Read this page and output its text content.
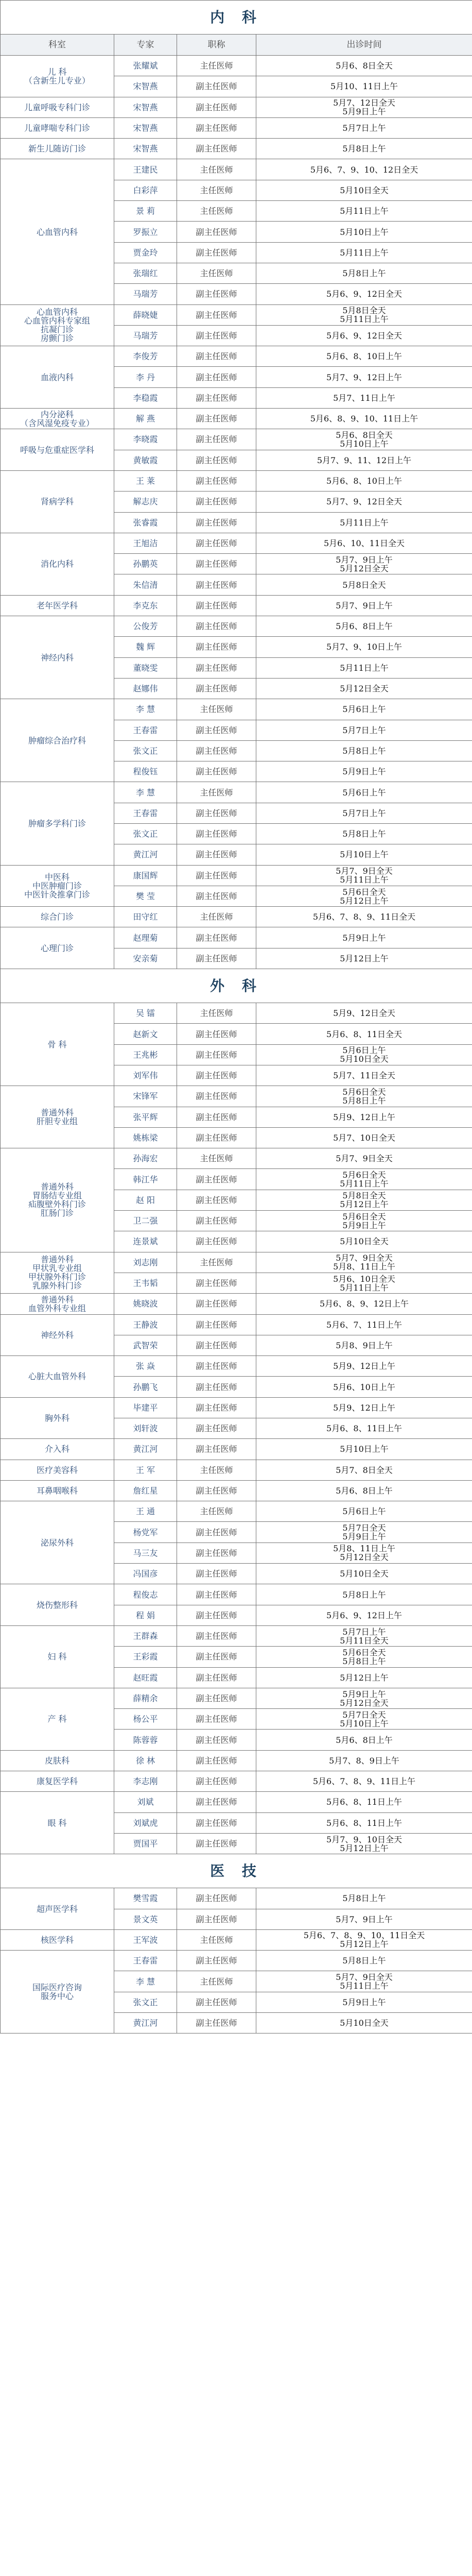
内 科			
科室	专家	职称	出诊时间
儿 科
（含新生儿专业）	张耀斌	主任医师	5月6、8日全天
	宋智燕	副主任医师	5月10、11日上午
儿童呼吸专科门诊	宋智燕	副主任医师	5月7、12日全天
5月9日上午
儿童哮喘专科门诊	宋智燕	副主任医师	5月7日上午
新生儿随访门诊	宋智燕	副主任医师	5月8日上午
心血管内科	王建民	主任医师	5月6、7、9、10、12日全天
	白彩萍	主任医师	5月10日全天
	景 莉	主任医师	5月11日上午
	罗振立	副主任医师	5月10日上午
	贾金玲	副主任医师	5月11日上午
	张瑞红	主任医师	5月8日上午
	马瑞芳	副主任医师	5月6、9、12日全天
心血管内科
心血管内科专家组
抗凝门诊
房颤门诊	薛晓婕	副主任医师	5月8日全天
5月11日上午
	马瑞芳	副主任医师	5月6、9、12日全天
血液内科	李俊芳	副主任医师	5月6、8、10日上午
	李 丹	副主任医师	5月7、9、12日上午
	李稳霞	副主任医师	5月7、11日上午
内分泌科
（含风湿免疫专业）	解 燕	副主任医师	5月6、8、9、10、11日上午
呼吸与危重症医学科	李晓霞	副主任医师	5月6、8日全天
5月10日上午
	黄敏霞	副主任医师	5月7、9、11、12日上午
肾病学科	王 莱	副主任医师	5月6、8、10日上午
	解志庆	副主任医师	5月7、9、12日全天
	张睿霞	副主任医师	5月11日上午
消化内科	王旭洁	副主任医师	5月6、10、11日全天
	孙鹏英	副主任医师	5月7、9日上午
5月12日全天
	朱信清	副主任医师	5月8日全天
老年医学科	李克东	副主任医师	5月7、9日上午
神经内科	公俊芳	副主任医师	5月6、8日上午
	魏 辉	副主任医师	5月7、9、10日上午
	董晓雯	副主任医师	5月11日上午
	赵娜伟	副主任医师	5月12日全天
肿瘤综合治疗科	李 慧	主任医师	5月6日上午
	王春雷	副主任医师	5月7日上午
	张文正	副主任医师	5月8日上午
	程俊钰	副主任医师	5月9日上午
肿瘤多学科门诊	李 慧	主任医师	5月6日上午
	王春雷	副主任医师	5月7日上午
	张文正	副主任医师	5月8日上午
	黄江河	副主任医师	5月10日上午
中医科
中医肿瘤门诊
中医针灸推拿门诊	康国辉	副主任医师	5月7、9日全天
5月11日上午
	樊 莹	副主任医师	5月6日全天
5月12日上午
综合门诊	田守红	主任医师	5月6、7、8、9、11日全天
心理门诊	赵理菊	副主任医师	5月9日上午
	安亲菊	副主任医师	5月12日上午
外 科			
骨 科	吴 镭	主任医师	5月9、12日全天
	赵新文	副主任医师	5月6、8、11日全天
	王兆彬	副主任医师	5月6日上午
5月10日全天
	刘军伟	副主任医师	5月7、11日全天
普通外科
肝胆专业组	宋锋军	副主任医师	5月6日全天
5月8日上午
	张平辉	副主任医师	5月9、12日上午
	姚栋梁	副主任医师	5月7、10日全天
普通外科
胃肠结专业组
疝腹壁外科门诊
肛肠门诊	孙海宏	主任医师	5月7、9日全天
	韩江华	副主任医师	5月6日全天
5月11日上午
	赵 阳	副主任医师	5月8日全天
5月12日上午
	卫二强	副主任医师	5月6日全天
5月9日上午
	连景斌	副主任医师	5月10日全天
普通外科
甲状乳专业组
甲状腺外科门诊
乳腺外科门诊	刘志刚	主任医师	5月7、9日全天
5月8、11日上午
	王韦韬	副主任医师	5月6、10日全天
5月11日上午
普通外科
血管外科专业组	姚晓波	副主任医师	5月6、8、9、12日上午
神经外科	王静波	副主任医师	5月6、7、11日上午
	武智荣	副主任医师	5月8、9日上午
心脏大血管外科	张 焱	副主任医师	5月9、12日上午
	孙鹏飞	副主任医师	5月6、10日上午
胸外科	毕建平	副主任医师	5月9、12日上午
	刘轩波	副主任医师	5月6、8、11日上午
介入科	黄江河	副主任医师	5月10日上午
医疗美容科	王 军	主任医师	5月7、8日全天
耳鼻咽喉科	詹红星	副主任医师	5月6、8日上午
泌尿外科	王 通	主任医师	5月6日上午
	杨党军	副主任医师	5月7日全天
5月9日上午
	马三友	副主任医师	5月8、11日上午
5月12日全天
	冯国彦	副主任医师	5月10日全天
烧伤整形科	程俊志	副主任医师	5月8日上午
	程 娟	副主任医师	5月6、9、12日上午
妇 科	王群森	副主任医师	5月7日上午
5月11日全天
	王彩霞	副主任医师	5月6日全天
5月8日上午
	赵旺霞	副主任医师	5月12日上午
产 科	薛精余	副主任医师	5月9日上午
5月12日全天
	杨公平	副主任医师	5月7日全天
5月10日上午
	陈蓉蓉	副主任医师	5月6、8日上午
皮肤科	徐 林	副主任医师	5月7、8、9日上午
康复医学科	李志刚	副主任医师	5月6、7、8、9、11日上午
眼 科	刘斌	副主任医师	5月6、8、11日上午
	刘斌虎	副主任医师	5月6、8、11日上午
	贾国平	副主任医师	5月7、9、10日全天
5月12日上午
医 技			
超声医学科	樊雪霞	副主任医师	5月8日上午
	景文英	副主任医师	5月7、9日上午
核医学科	王军波	主任医师	5月6、7、8、9、10、11日全天
5月12日上午
国际医疗咨询
服务中心	王春雷	副主任医师	5月8日上午
	李 慧	主任医师	5月7、9日全天
5月11日上午
	张文正	副主任医师	5月9日上午
	黄江河	副主任医师	5月10日全天
